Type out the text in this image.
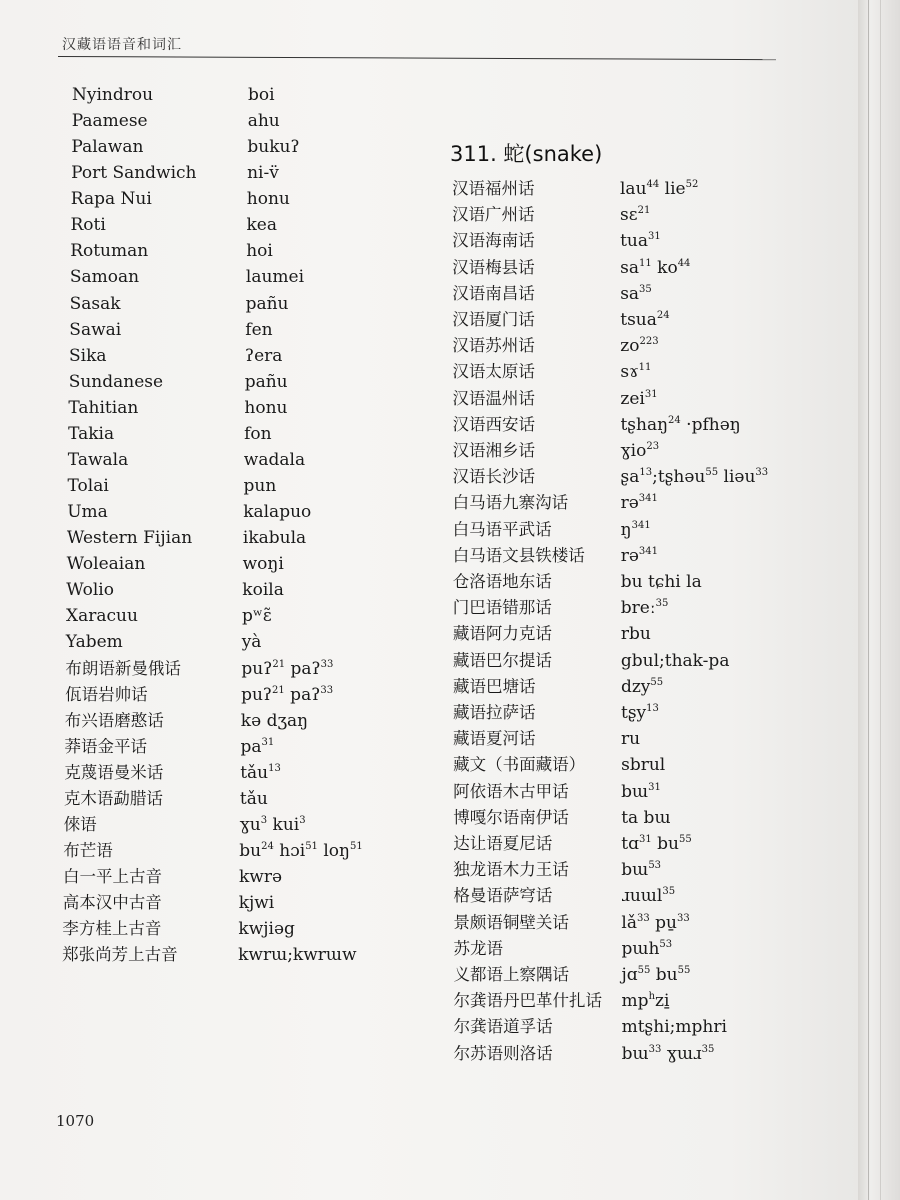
汉藏语语音和词汇
Nyindrou	boi
Paamese	ahu
Palawan	bukuʔ
Port Sandwich	ni-v̈
Rapa Nui	honu
Roti	kea
Rotuman	hoi
Samoan	laumei
Sasak	pañu
Sawai	fen
Sika	ʔera
Sundanese	pañu
Tahitian	honu
Takia	fon
Tawala	wadala
Tolai	pun
Uma	kalapuo
Western Fijian	ikabula
Woleaian	woŋi
Wolio	koila
Xaracuu	pʷɛ̃
Yabem	yà
布朗语新曼俄话	puʔ$^{21}$ paʔ$^{33}$
佤语岩帅话	puʔ$^{21}$ paʔ$^{33}$
布兴语磨憨话	kə dʒaŋ
莽语金平话	$pa^{31}$
克蔑语曼米话	tǎu$^{13}$
克木语勐腊话	tǎu
倈语	ɣu$^3$ kui$^3$
布芒语	$bu^{24}$ hɔi$^{51}$ loŋ$^{51}$
白一平上古音	kwrə
高本汉中古音	kjwi
李方桂上古音	kwjiəg
郑张尚芳上古音	kwrɯ;kwrɯw
311. 蛇(snake)
汉语福州话	lau$^{44}$ lie$^{52}$
汉语广州话	sɛ$^{21}$
汉语海南话	tua$^{31}$
汉语梅县话	$sa^{11}$ $ko^{44}$
汉语南昌话	$sa^{35}$
汉语厦门话	tsua$^{24}$
汉语苏州话	$zo^{223}$
汉语太原话	sɤ$^{11}$
汉语温州话	zei$^{31}$
汉语西安话	tʂhaŋ$^{24}$ ·pfhəŋ
汉语湘乡话	ɣio$^{23}$
汉语长沙话	ʂa$^{13}$;tʂhəu$^{55}$ liəu$^{33}$
白马语九寨沟话	rə$^{341}$
白马语平武话	$ŋ^{341}$
白马语文县铁楼话 rə$^{341}$
仓洛语地东话	bu tɕhi la
门巴语错那话	breː$^{35}$
藏语阿力克话	rbu
藏语巴尔提话	gbul;thak-pa
藏语巴塘话	dzy$^{55}$
藏语拉萨话	tʂy$^{13}$
藏语夏河话	ru
藏文（书面藏语） sbrul
阿依语木古甲话	bɯ$^{31}$
博嘎尔语南伊话	ta bɯ
达让语夏尼话	tɑ$^{31}$ $bu^{55}$
独龙语木力王话	bɯ$^{53}$
格曼语萨穹话	ɹuɯl$^{35}$
景颇语铜壁关话	$lǎ^{33}$ pu̱$^{33}$
苏龙语	pɯh$^{53}$
义都语上察隅话	jɑ$^{55}$ $bu^{55}$
尔龚语丹巴革什扎话 $mp^hzi̱$
尔龚语道孚话	mtʂhi;mphri
尔苏语则洛话	bɯ$^{33}$ ɣɯɹ$^{35}$
1070
